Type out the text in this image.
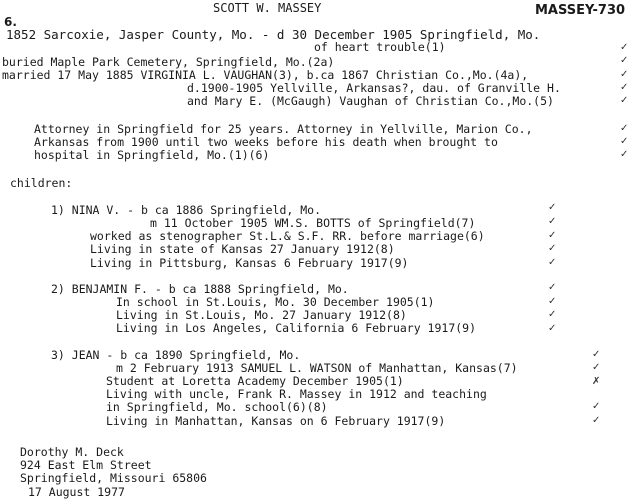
SCOTT W. MASSEY	MASSEY-730
6.
1852 Sarcoxie, Jasper County, Mo. - d 30 December 1905 Springfield, Mo.
of heart trouble(1)
buried Maple Park Cemetery, Springfield, Mo.(2a)
married 17 May 1885 VIRGINIA L. VAUGHAN(3), b.ca 1867 Christian Co.,Mo.(4a),
d.1900-1905 Yellville, Arkansas?, dau. of Granville H.
and Mary E. (McGaugh) Vaughan of Christian Co.,Mo.(5)
Attorney in Springfield for 25 years. Attorney in Yellville, Marion Co.,
Arkansas from 1900 until two weeks before his death when brought to
hospital in Springfield, Mo.(1)(6)
children:
1) NINA V. - b ca 1886 Springfield, Mo.
m 11 October 1905 WM.S. BOTTS of Springfield(7)
worked as stenographer St.L.& S.F. RR. before marriage(6)
Living in state of Kansas 27 January 1912(8)
Living in Pittsburg, Kansas 6 February 1917(9)
2) BENJAMIN F. - b ca 1888 Springfield, Mo.
In school in St.Louis, Mo. 30 December 1905(1)
Living in St.Louis, Mo. 27 January 1912(8)
Living in Los Angeles, California 6 February 1917(9)
3) JEAN - b ca 1890 Springfield, Mo.
m 2 February 1913 SAMUEL L. WATSON of Manhattan, Kansas(7)
Student at Loretta Academy December 1905(1)
Living with uncle, Frank R. Massey in 1912 and teaching
in Springfield, Mo. school(6)(8)
Living in Manhattan, Kansas on 6 February 1917(9)
Dorothy M. Deck
924 East Elm Street
Springfield, Missouri 65806
17 August 1977
✓
✓
✓
✓
✓
✓
✓
✓
✓
✓
✓
✓
✓
✓
✓
✓
✓
✓
✓
✗
✓
✓
